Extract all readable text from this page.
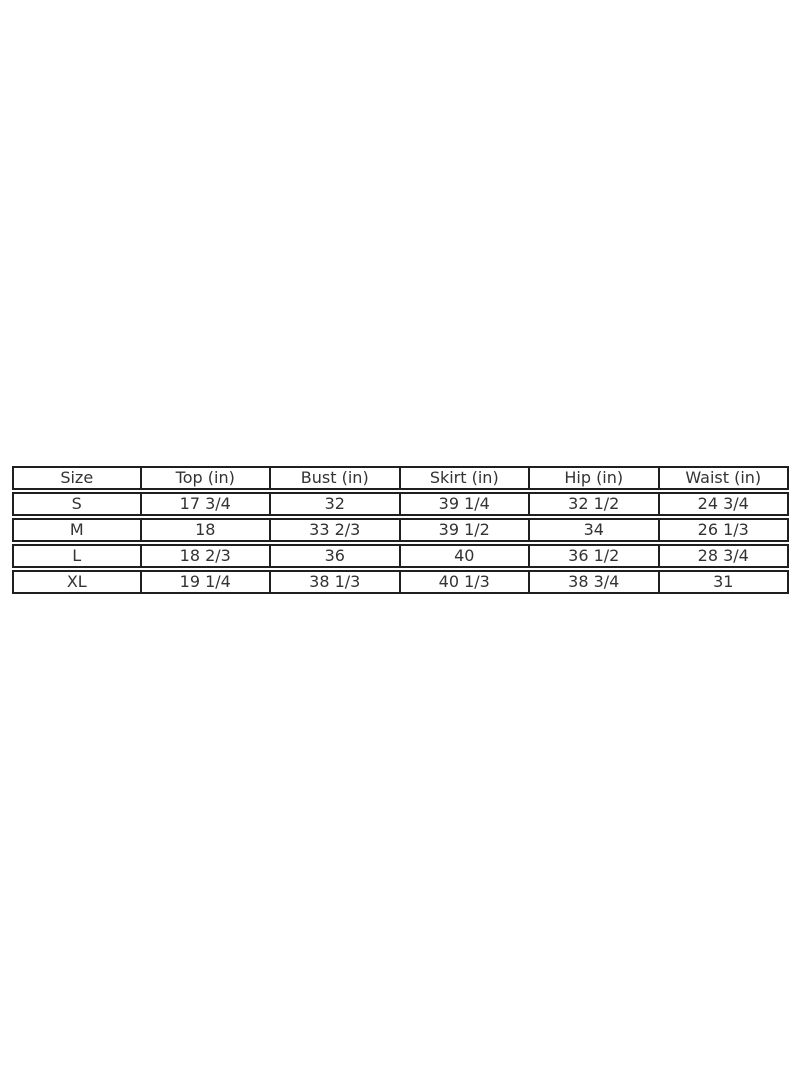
Size	Top (in)	Bust (in)	Skirt (in)	Hip (in)	Waist (in)
S	17 3/4	32	39 1/4	32 1/2	24 3/4
M	18	33 2/3	39 1/2	34	26 1/3
L	18 2/3	36	40	36 1/2	28 3/4
XL	19 1/4	38 1/3	40 1/3	38 3/4	31
